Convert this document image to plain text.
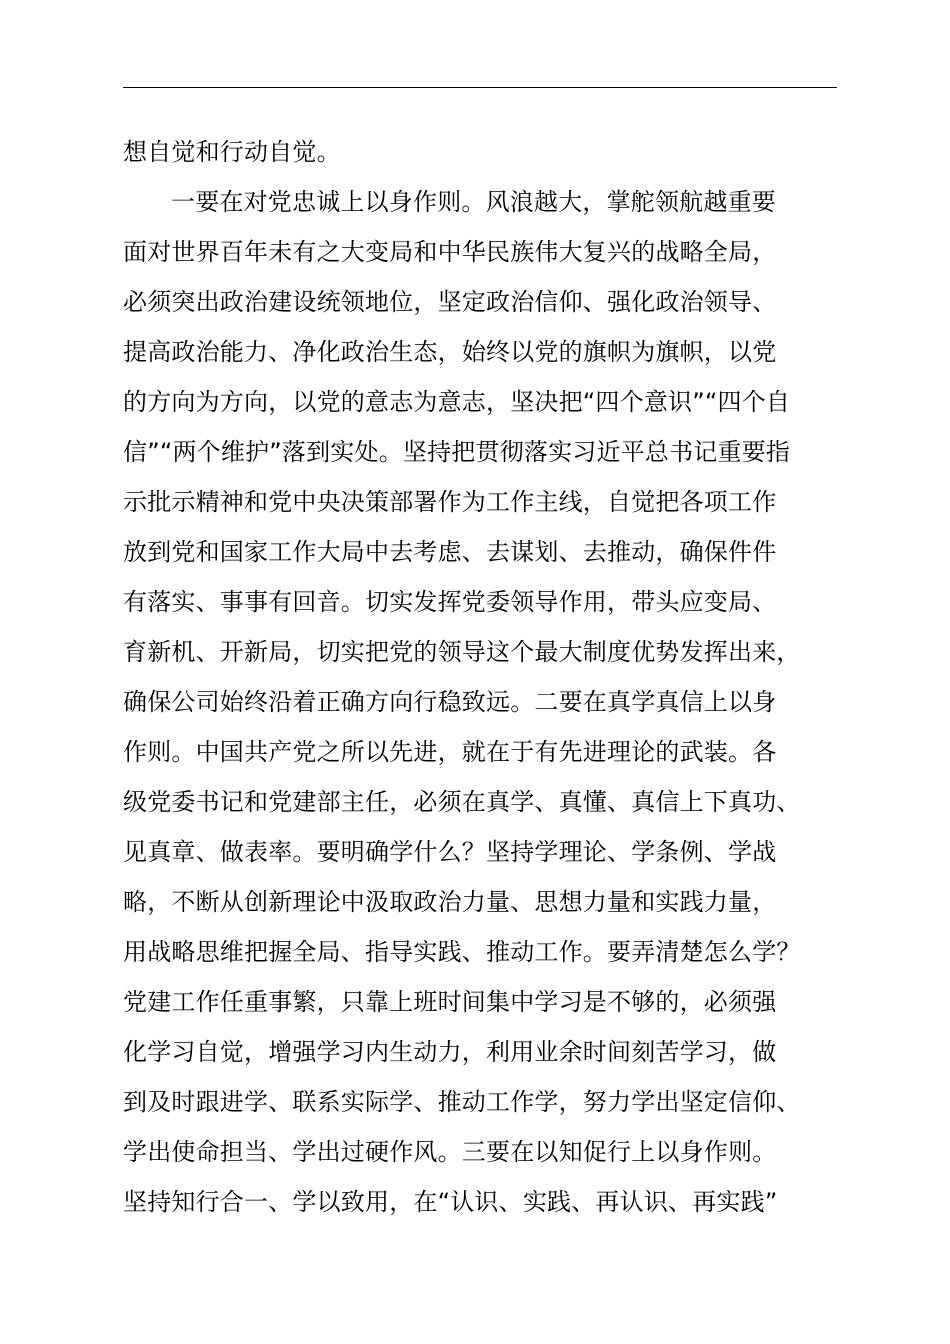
想自觉和行动自觉。
一要在对党忠诚上以身作则。风浪越大，掌舵领航越重要
面对世界百年未有之大变局和中华民族伟大复兴的战略全局，
必须突出政治建设统领地位，坚定政治信仰、强化政治领导、
提高政治能力、净化政治生态，始终以党的旗帜为旗帜，以党
的方向为方向，以党的意志为意志，坚决把“四个意识”“四个自
信”“两个维护”落到实处。坚持把贯彻落实习近平总书记重要指
示批示精神和党中央决策部署作为工作主线，自觉把各项工作
放到党和国家工作大局中去考虑、去谋划、去推动，确保件件
有落实、事事有回音。切实发挥党委领导作用，带头应变局、
育新机、开新局，切实把党的领导这个最大制度优势发挥出来，
确保公司始终沿着正确方向行稳致远。二要在真学真信上以身
作则。中国共产党之所以先进，就在于有先进理论的武装。各
级党委书记和党建部主任，必须在真学、真懂、真信上下真功、
见真章、做表率。要明确学什么？坚持学理论、学条例、学战
略，不断从创新理论中汲取政治力量、思想力量和实践力量，
用战略思维把握全局、指导实践、推动工作。要弄清楚怎么学？
党建工作任重事繁，只靠上班时间集中学习是不够的，必须强
化学习自觉，增强学习内生动力，利用业余时间刻苦学习，做
到及时跟进学、联系实际学、推动工作学，努力学出坚定信仰、
学出使命担当、学出过硬作风。三要在以知促行上以身作则。
坚持知行合一、学以致用，在“认识、实践、再认识、再实践”
